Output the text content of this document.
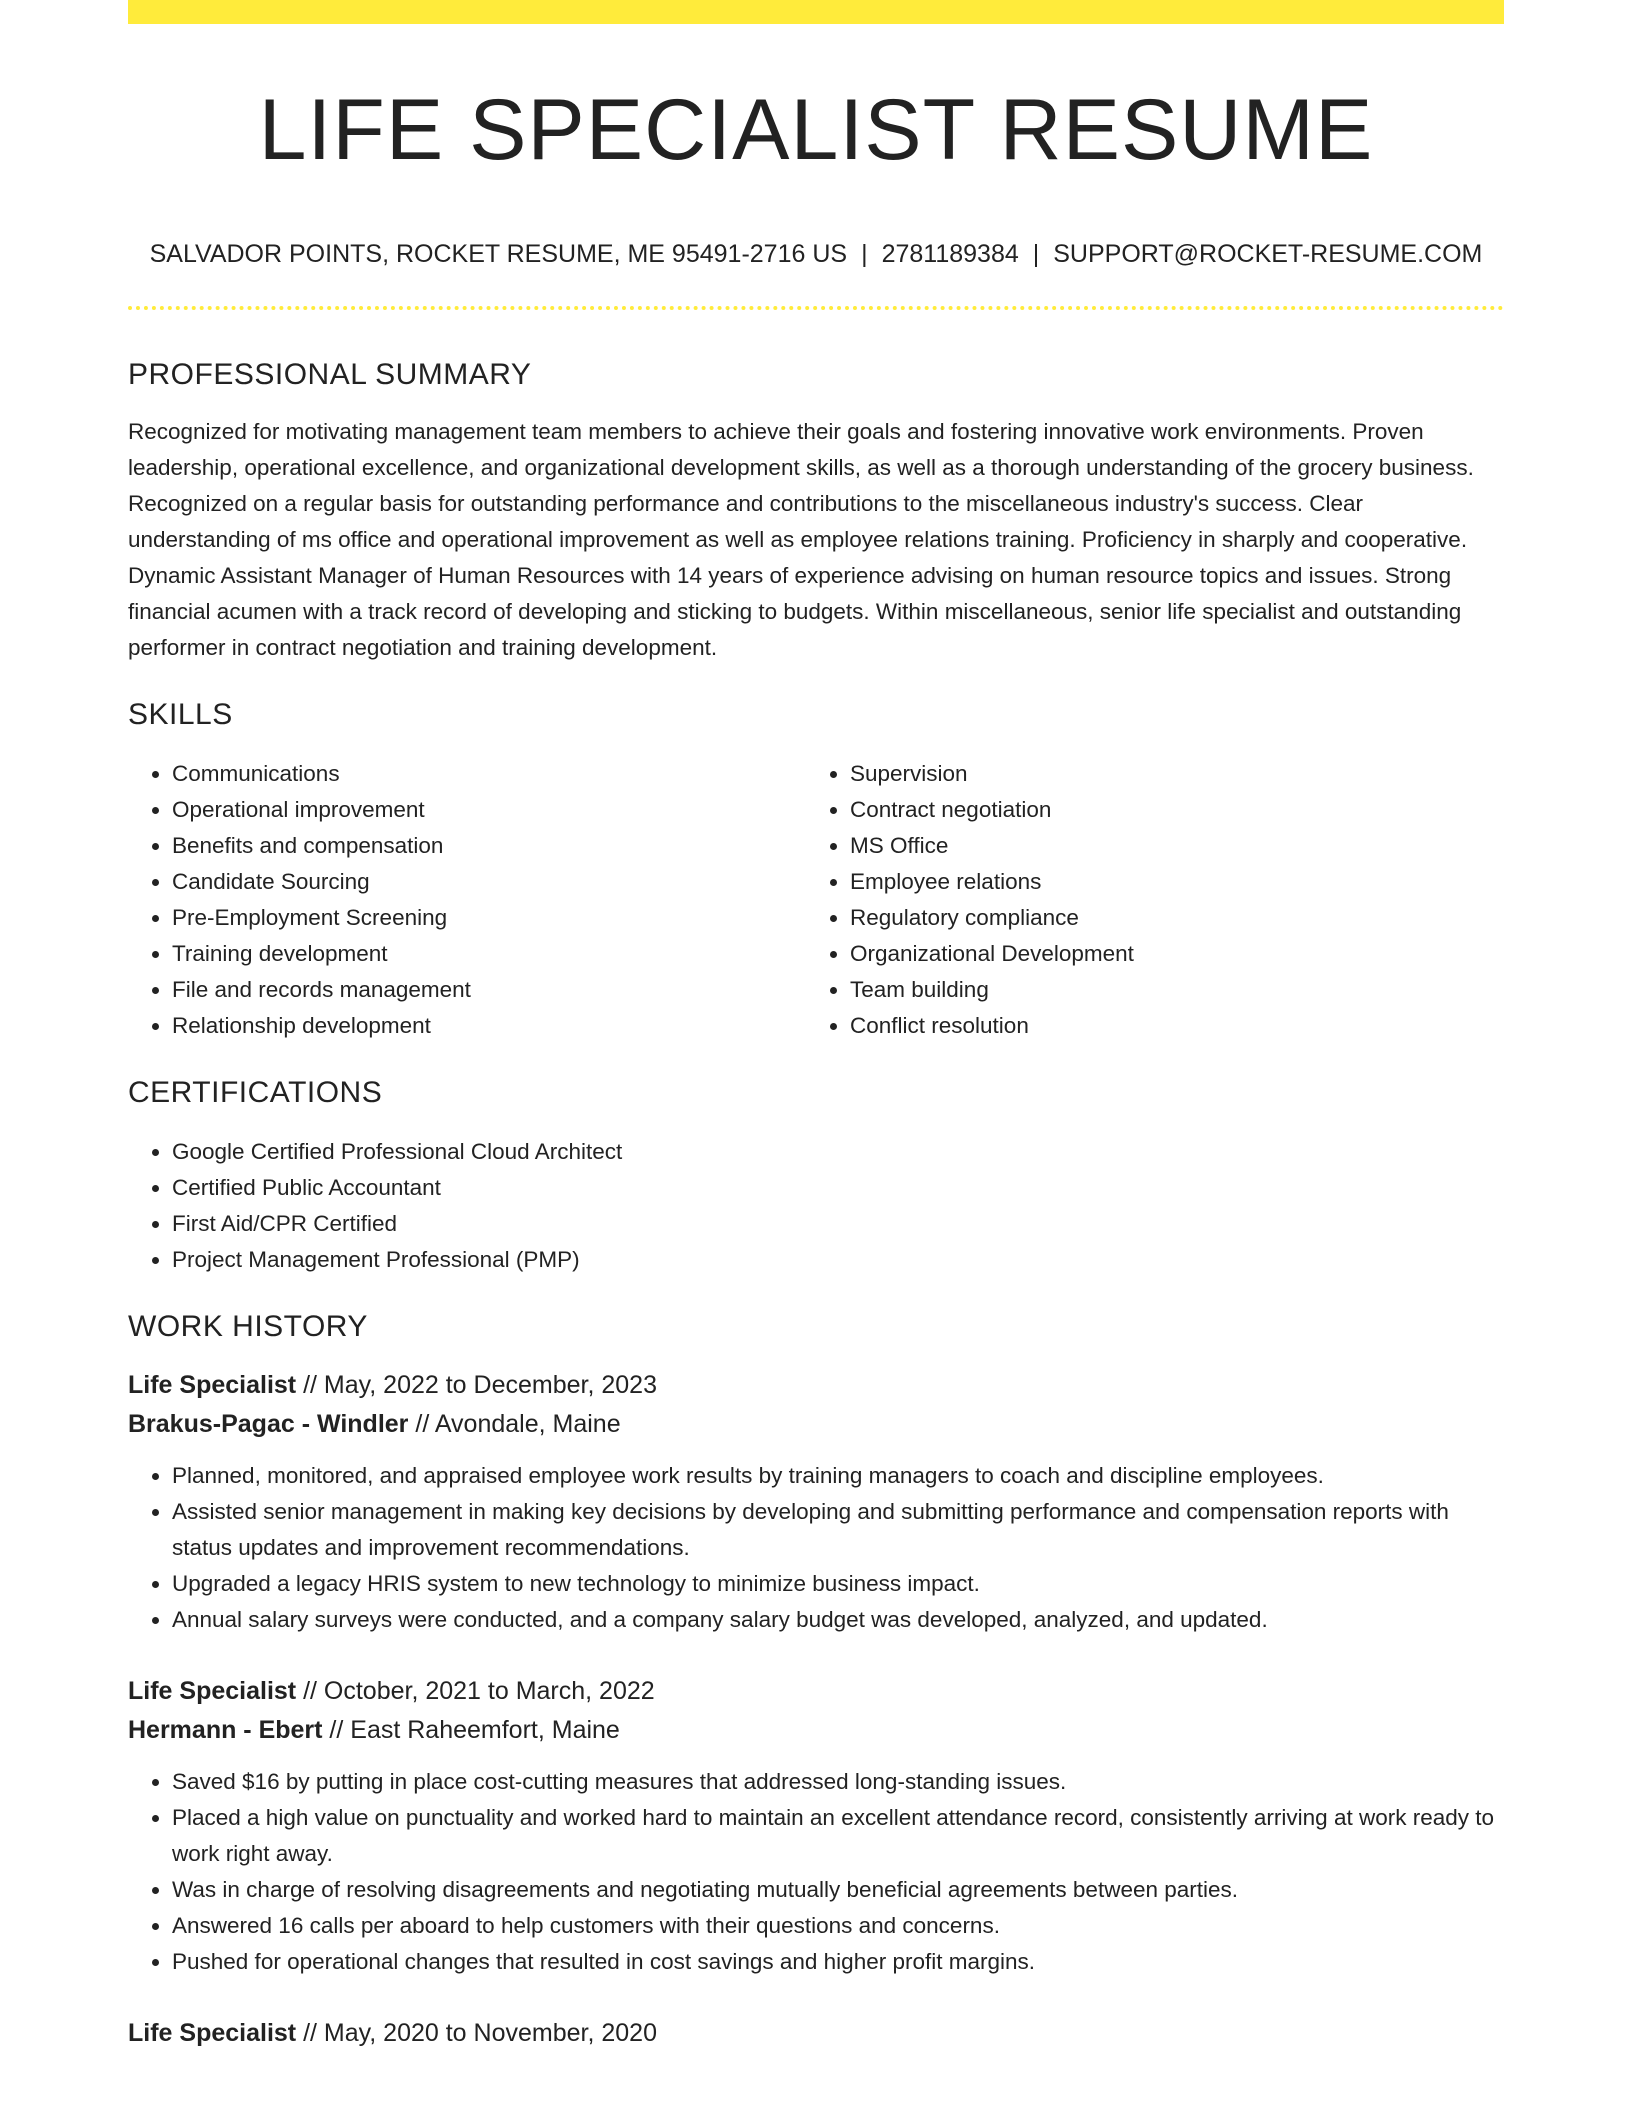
LIFE SPECIALIST RESUME
SALVADOR POINTS, ROCKET RESUME, ME 95491-2716 US | 2781189384 | SUPPORT@ROCKET-RESUME.COM
PROFESSIONAL SUMMARY

Recognized for motivating management team members to achieve their goals and fostering innovative work environments. Proven leadership, operational excellence, and organizational development skills, as well as a thorough understanding of the grocery business. Recognized on a regular basis for outstanding performance and contributions to the miscellaneous industry's success. Clear understanding of ms office and operational improvement as well as employee relations training. Proficiency in sharply and cooperative. Dynamic Assistant Manager of Human Resources with 14 years of experience advising on human resource topics and issues. Strong financial acumen with a track record of developing and sticking to budgets. Within miscellaneous, senior life specialist and outstanding performer in contract negotiation and training development.

SKILLS
• Communications
• Operational improvement
• Benefits and compensation
• Candidate Sourcing
• Pre-Employment Screening
• Training development
• File and records management
• Relationship development
• Supervision
• Contract negotiation
• MS Office
• Employee relations
• Regulatory compliance
• Organizational Development
• Team building
• Conflict resolution
CERTIFICATIONS
• Google Certified Professional Cloud Architect
• Certified Public Accountant
• First Aid/CPR Certified
• Project Management Professional (PMP)
WORK HISTORY
Life Specialist // May, 2022 to December, 2023
Brakus-Pagac - Windler // Avondale, Maine
• Planned, monitored, and appraised employee work results by training managers to coach and discipline employees.
• Assisted senior management in making key decisions by developing and submitting performance and compensation reports with status updates and improvement recommendations.
• Upgraded a legacy HRIS system to new technology to minimize business impact.
• Annual salary surveys were conducted, and a company salary budget was developed, analyzed, and updated.
Life Specialist // October, 2021 to March, 2022
Hermann - Ebert // East Raheemfort, Maine
• Saved $16 by putting in place cost-cutting measures that addressed long-standing issues.
• Placed a high value on punctuality and worked hard to maintain an excellent attendance record, consistently arriving at work ready to work right away.
• Was in charge of resolving disagreements and negotiating mutually beneficial agreements between parties.
• Answered 16 calls per aboard to help customers with their questions and concerns.
• Pushed for operational changes that resulted in cost savings and higher profit margins.
Life Specialist // May, 2020 to November, 2020
